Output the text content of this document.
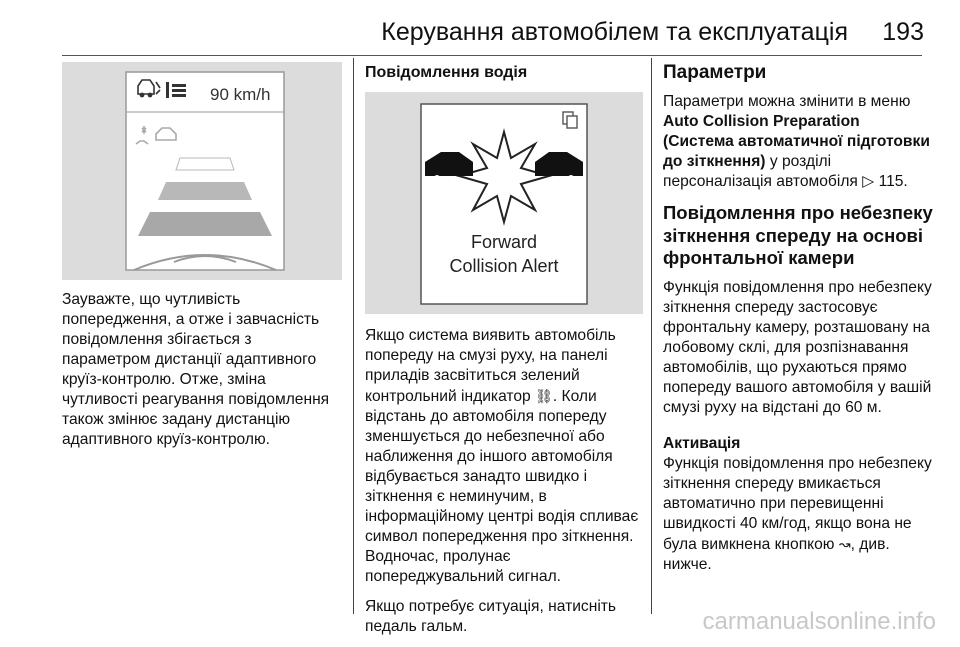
Керування автомобілем та експлуатація 193
90 km/h

Зауважте, що чутливість попередження, а отже і завчасність повідомлення збігається з параметром дистанції адаптивного круїз-контролю. Отже, зміна чутливості реагування повідомлення також змінює задану дистанцію адаптивного круїз-контролю.

Повідомлення водія
Forward
Collision Alert

Якщо система виявить автомобіль попереду на смузі руху, на панелі приладів засвітиться зелений контрольний індикатор ⛓. Коли відстань до автомобіля попереду зменшується до небезпечної або наближення до іншого автомобіля відбувається занадто швидко і зіткнення є неминучим, в інформаційному центрі водія спливає символ попередження про зіткнення. Водночас, пролунає попереджувальний сигнал.

Якщо потребує ситуація, натисніть педаль гальм.

Параметри

Параметри можна змінити в меню Auto Collision Preparation (Система автоматичної підготовки до зіткнення) у розділі персоналізація автомобіля ▷ 115.

Повідомлення про небезпеку зіткнення спереду на основі фронтальної камери

Функція повідомлення про небезпеку зіткнення спереду застосовує фронтальну камеру, розташовану на лобовому склі, для розпізнавання автомобілів, що рухаються прямо попереду вашого автомобіля у вашій смузі руху на відстані до 60 м.

Активація

Функція повідомлення про небезпеку зіткнення спереду вмикається автоматично при перевищенні швидкості 40 км/год, якщо вона не була вимкнена кнопкою ↝, див. нижче.

carmanualsonline.info
